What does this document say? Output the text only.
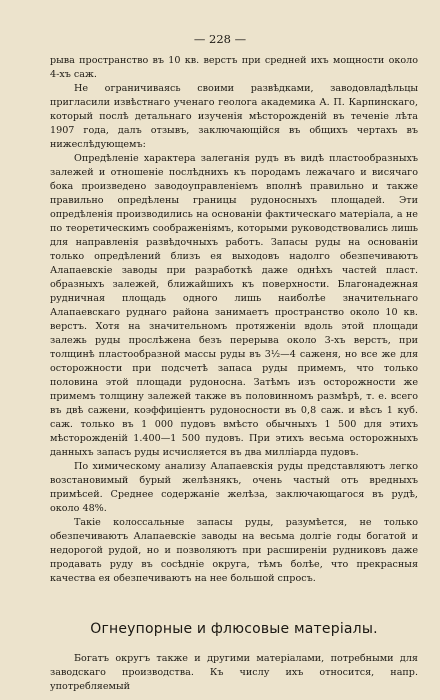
— 228 —

рыва пространство въ 10 кв. верстъ при средней ихъ мощности около 4-хъ саж.

Не ограничиваясь своими развѣдками, заводовладѣльцы пригласили извѣстнаго ученаго геолога академика А. П. Карпинскаго, который послѣ детальнаго изученія мѣсторожденій въ теченіе лѣта 1907 года, далъ отзывъ, заключающійся въ общихъ чертахъ въ нижеслѣдующемъ:

Опредѣленіе характера залеганія рудъ въ видѣ пластообразныхъ залежей и отношеніе послѣднихъ къ породамъ лежачаго и висячаго бока произведено заводоуправленіемъ вполнѣ правильно и также правильно опредѣлены границы рудоносныхъ площадей. Эти опредѣленія производились на основаніи фактическаго матеріала, а не по теоретическимъ соображеніямъ, которыми руководствовались лишь для направленія развѣдочныхъ работъ. Запасы руды на основаніи только опредѣлений близъ ея выходовъ надолго обезпечиваютъ Алапаевскіе заводы при разработкѣ даже однѣхъ частей пласт. образныхъ залежей, ближайшихъ къ поверхности. Благонадежная рудничная площадь одного лишь наиболѣе значительнаго Алапаевскаго руднаго района занимаетъ пространство около 10 кв. верстъ. Хотя на значительномъ протяженіи вдоль этой площади залежь руды прослѣжена безъ перерыва около 3-хъ верстъ, при толщинѣ пластообразной массы руды въ 3½—4 саженя, но все же для осторожности при подсчетѣ запаса руды примемъ, что только половина этой площади рудоносна. Затѣмъ изъ осторожности же примемъ толщину залежей также въ половинномъ размѣрѣ, т. е. всего въ двѣ сажени, коэффиціентъ рудоносности въ 0,8 саж. и вѣсъ 1 куб. саж. только въ 1 000 пудовъ вмѣсто обычныхъ 1 500 для этихъ мѣсторожденій 1.400—1 500 пудовъ. При этихъ весьма осторожныхъ данныхъ запасъ руды исчисляется въ два милліарда пудовъ.

По химическому анализу Алапаевскія руды представляютъ легко возстановимый бурый желѣзнякъ, очень частый отъ вредныхъ примѣсей. Среднее содержаніе желѣза, заключающагося въ рудѣ, около 48%.

Такіе колоссальные запасы руды, разумѣется, не только обезпечиваютъ Алапаевскіе заводы на весьма долгіе годы богатой и недорогой рудой, но и позволяютъ при расширеніи рудниковъ даже продавать руду въ сосѣдніе округа, тѣмъ болѣе, что прекрасныя качества ея обезпечиваютъ на нее большой спросъ.

Огнеупорные и флюсовые матеріалы.

Богатъ округъ также и другими матеріалами, потребными для заводскаго производства. Къ числу ихъ относится, напр. употребляемый
